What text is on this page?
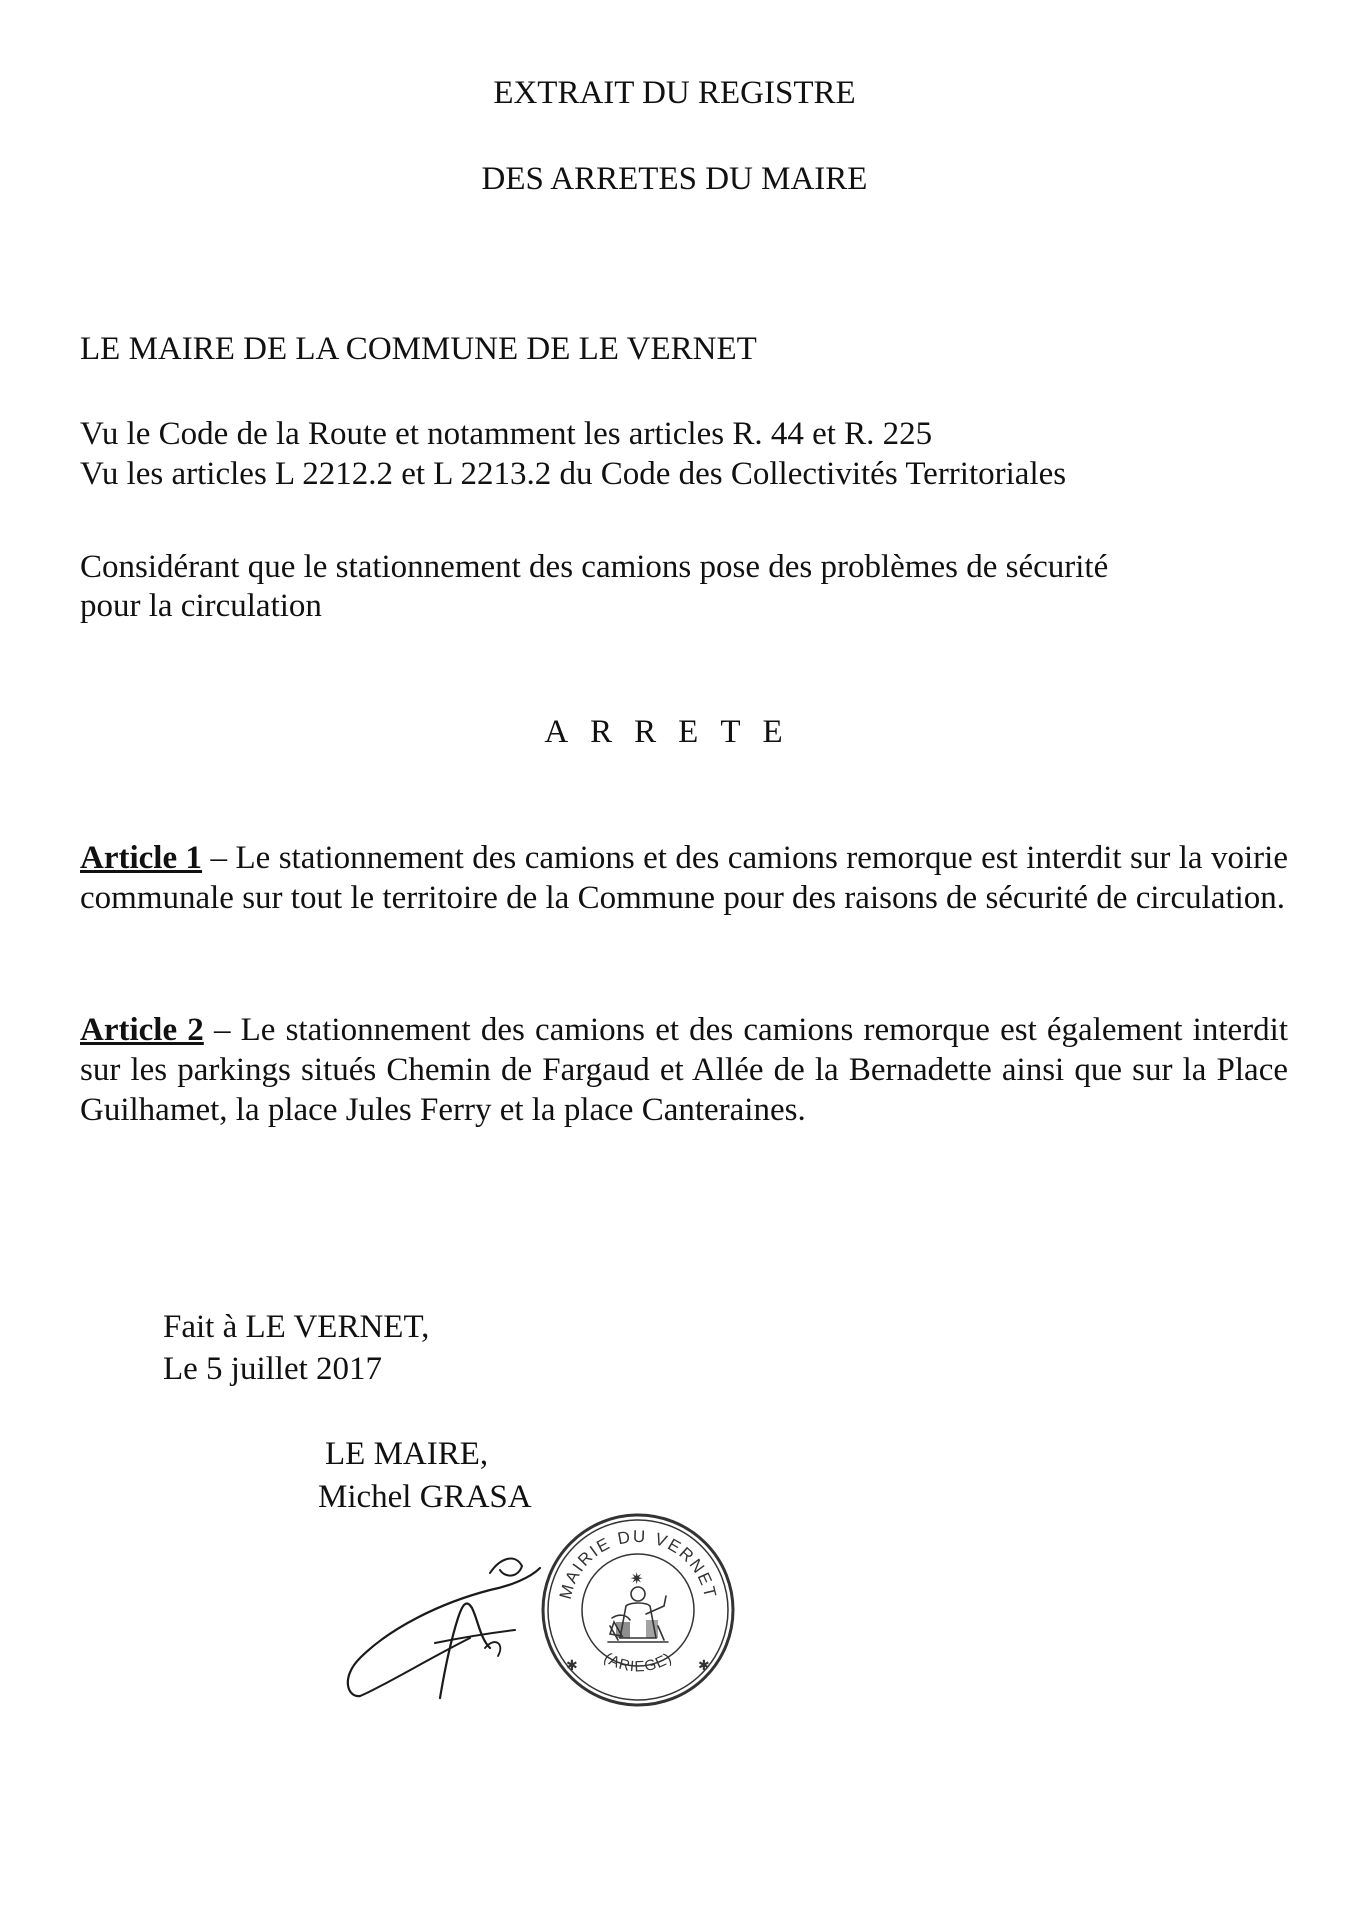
EXTRAIT DU REGISTRE
DES ARRETES DU MAIRE
LE MAIRE DE LA COMMUNE DE LE VERNET
Vu le Code de la Route et notamment les articles R. 44 et R. 225
Vu les articles L 2212.2 et L 2213.2 du Code des Collectivités Territoriales
Considérant que le stationnement des camions pose des problèmes de sécurité
pour la circulation
ARRETE
Article 1 – Le stationnement des camions et des camions remorque est interdit sur la voirie communale sur tout le territoire de la Commune pour des raisons de sécurité de circulation.
Article 2 – Le stationnement des camions et des camions remorque est également interdit sur les parkings situés Chemin de Fargaud et Allée de la Bernadette ainsi que sur la Place Guilhamet, la place Jules Ferry et la place Canteraines.
Fait à LE VERNET,
Le 5 juillet 2017
LE MAIRE,
Michel GRASA
MAIRIE DU VERNET
(ARIEGE)
✱	✱
✷
